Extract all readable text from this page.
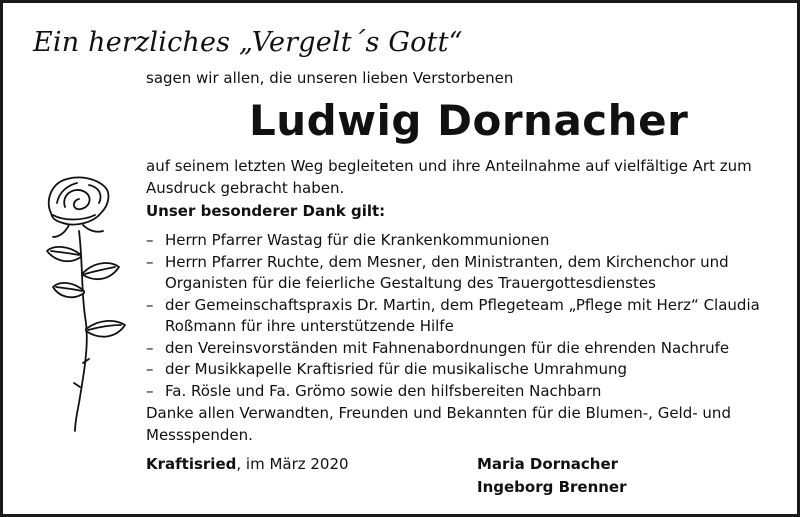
Ein herzliches „Vergelt´s Gott“
sagen wir allen, die unseren lieben Verstorbenen
Ludwig Dornacher
auf seinem letzten Weg begleiteten und ihre Anteilnahme auf vielfältige Art zum Ausdruck gebracht haben.
Unser besonderer Dank gilt:
– Herrn Pfarrer Wastag für die Krankenkommunionen
– Herrn Pfarrer Ruchte, dem Mesner, den Ministranten, dem Kirchenchor und Organisten für die feierliche Gestaltung des Trauergottesdienstes
– der Gemeinschaftspraxis Dr. Martin, dem Pflegeteam „Pflege mit Herz“ Claudia Roßmann für ihre unterstützende Hilfe
– den Vereinsvorständen mit Fahnenabordnungen für die ehrenden Nachrufe
– der Musikkapelle Kraftisried für die musikalische Umrahmung
– Fa. Rösle und Fa. Grömo sowie den hilfsbereiten Nachbarn
Danke allen Verwandten, Freunden und Bekannten für die Blumen-, Geld- und Messspenden.
Kraftisried, im März 2020	Maria Dornacher
Ingeborg Brenner
